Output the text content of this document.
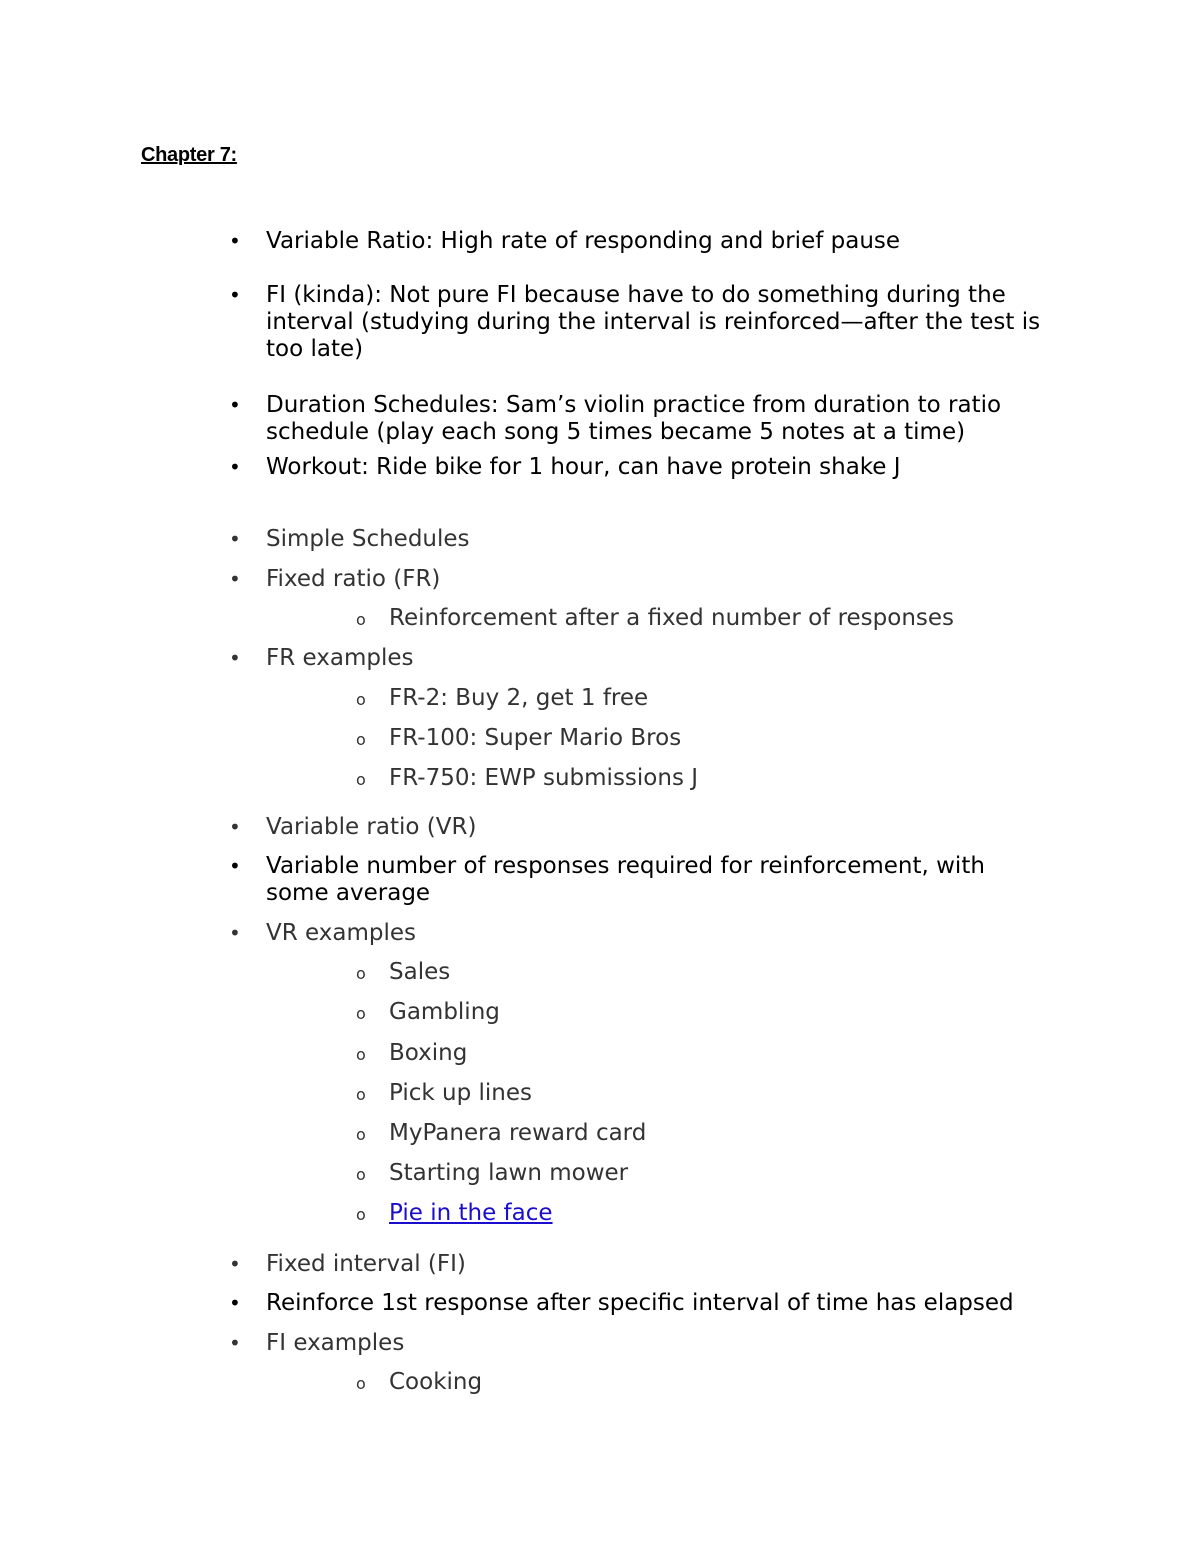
Chapter 7:
•	Variable Ratio: High rate of responding and brief pause
•	FI (kinda): Not pure FI because have to do something during the
interval (studying during the interval is reinforced—after the test is
too late)
•	Duration Schedules: Sam’s violin practice from duration to ratio
schedule (play each song 5 times became 5 notes at a time)
•	Workout: Ride bike for 1 hour, can have protein shake J
•	Simple Schedules
•	Fixed ratio (FR)
o	Reinforcement after a fixed number of responses
•	FR examples
o	FR-2: Buy 2, get 1 free
o	FR-100: Super Mario Bros
o	FR-750: EWP submissions J
•	Variable ratio (VR)
•	Variable number of responses required for reinforcement, with
some average
•	VR examples
o	Sales
o	Gambling
o	Boxing
o	Pick up lines
o	MyPanera reward card
o	Starting lawn mower
o	Pie in the face
•	Fixed interval (FI)
•	Reinforce 1st response after specific interval of time has elapsed
•	FI examples
o	Cooking
